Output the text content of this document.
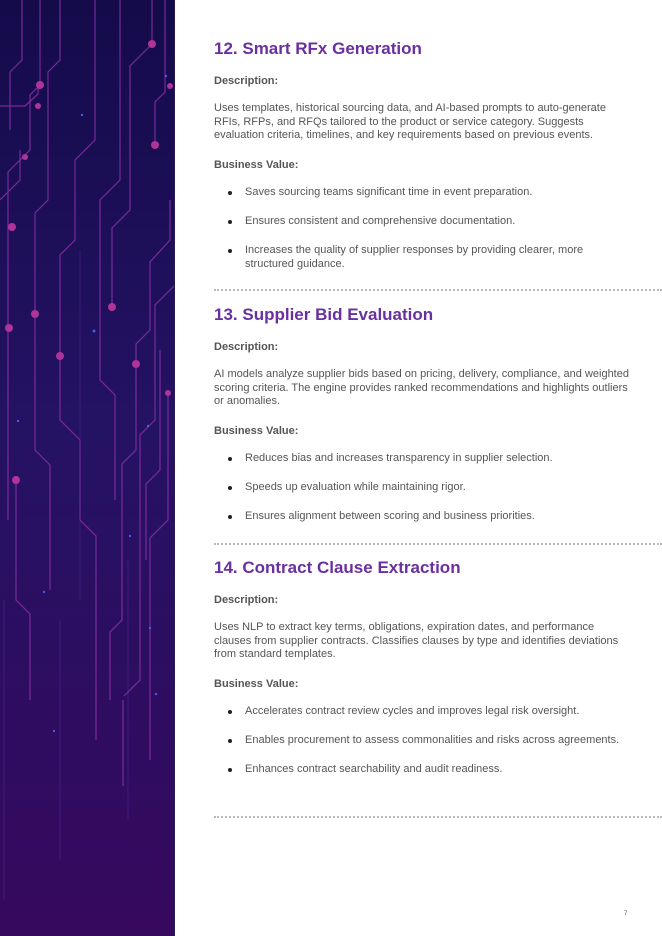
12. Smart RFx Generation
Description:
Uses templates, historical sourcing data, and AI-based prompts to auto-generate RFIs, RFPs, and RFQs tailored to the product or service category. Suggests evaluation criteria, timelines, and key requirements based on previous events.
Business Value:
Saves sourcing teams significant time in event preparation.
Ensures consistent and comprehensive documentation.
Increases the quality of supplier responses by providing clearer, more structured guidance.
13. Supplier Bid Evaluation
Description:
AI models analyze supplier bids based on pricing, delivery, compliance, and weighted scoring criteria. The engine provides ranked recommendations and highlights outliers or anomalies.
Business Value:
Reduces bias and increases transparency in supplier selection.
Speeds up evaluation while maintaining rigor.
Ensures alignment between scoring and business priorities.
14. Contract Clause Extraction
Description:
Uses NLP to extract key terms, obligations, expiration dates, and performance clauses from supplier contracts. Classifies clauses by type and identifies deviations from standard templates.
Business Value:
Accelerates contract review cycles and improves legal risk oversight.
Enables procurement to assess commonalities and risks across agreements.
Enhances contract searchability and audit readiness.
7
